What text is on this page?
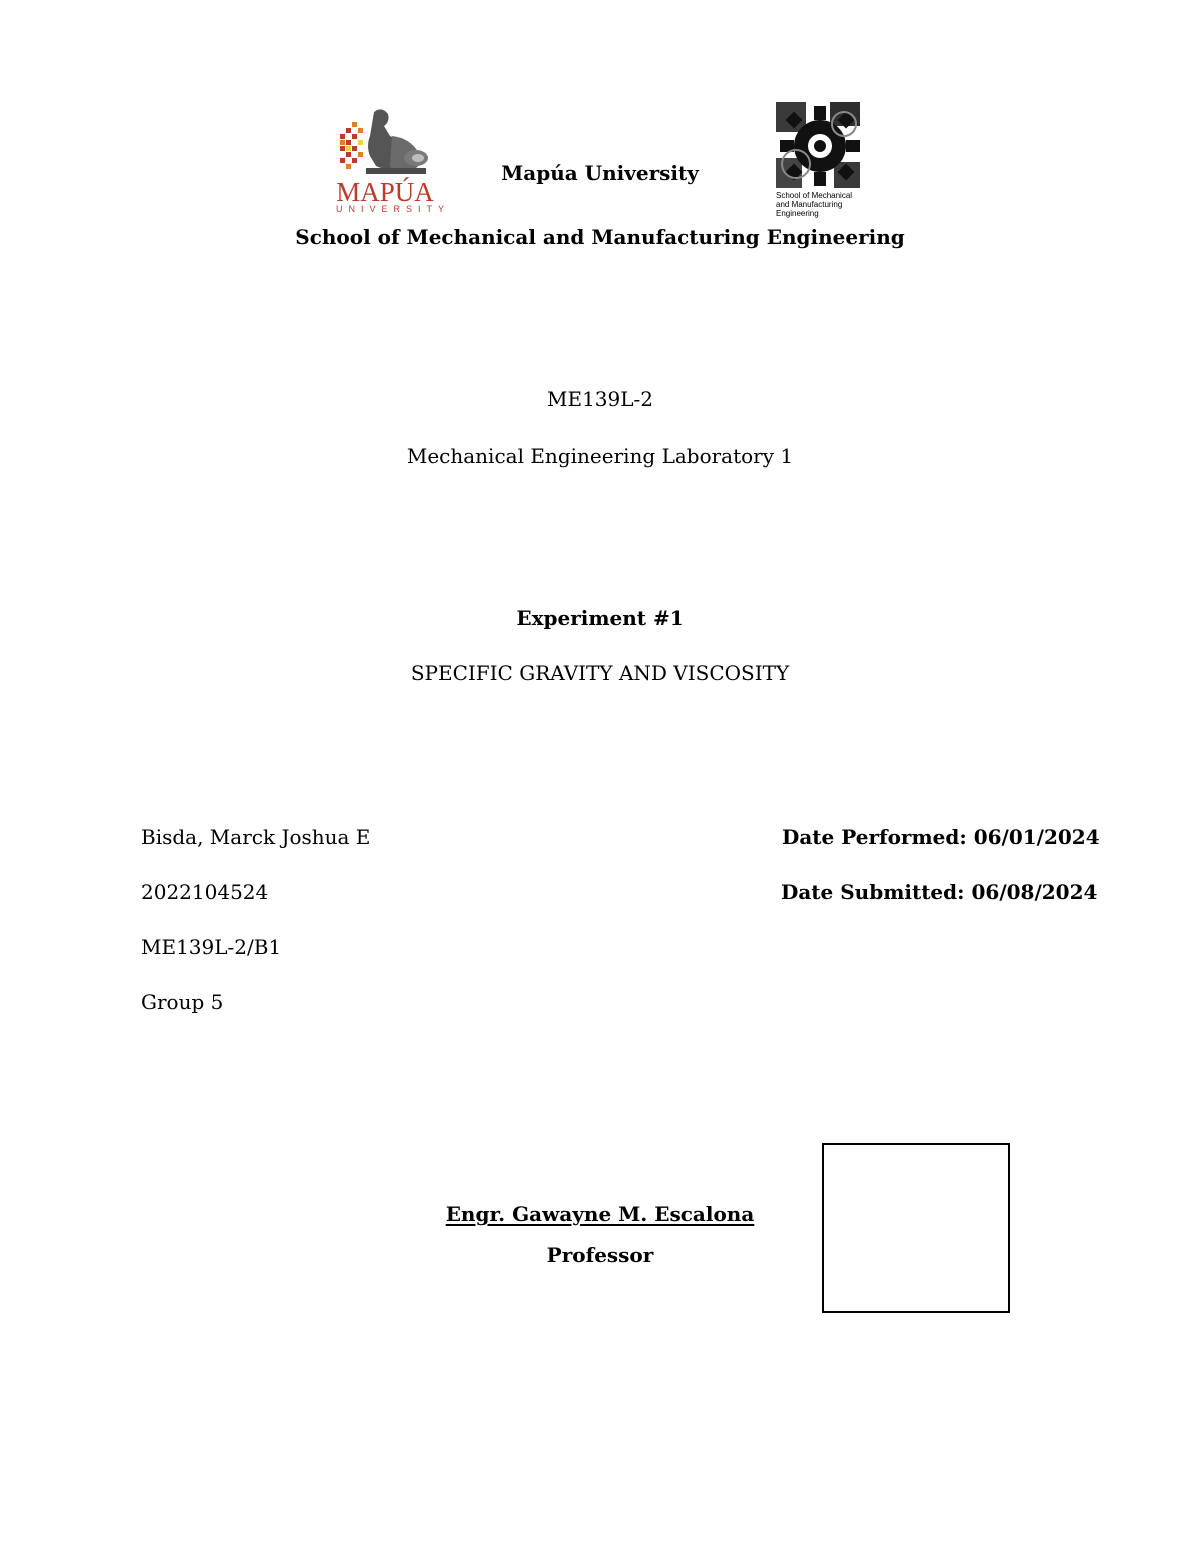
MAPÚA
UNIVERSITY
Mapúa University
School of Mechanical
and Manufacturing
Engineering
School of Mechanical and Manufacturing Engineering
ME139L-2
Mechanical Engineering Laboratory 1
Experiment #1
SPECIFIC GRAVITY AND VISCOSITY
Bisda, Marck Joshua E
2022104524
ME139L-2/B1
Group 5
Date Performed: 06/01/2024
Date Submitted: 06/08/2024
Engr. Gawayne M. Escalona
Professor
